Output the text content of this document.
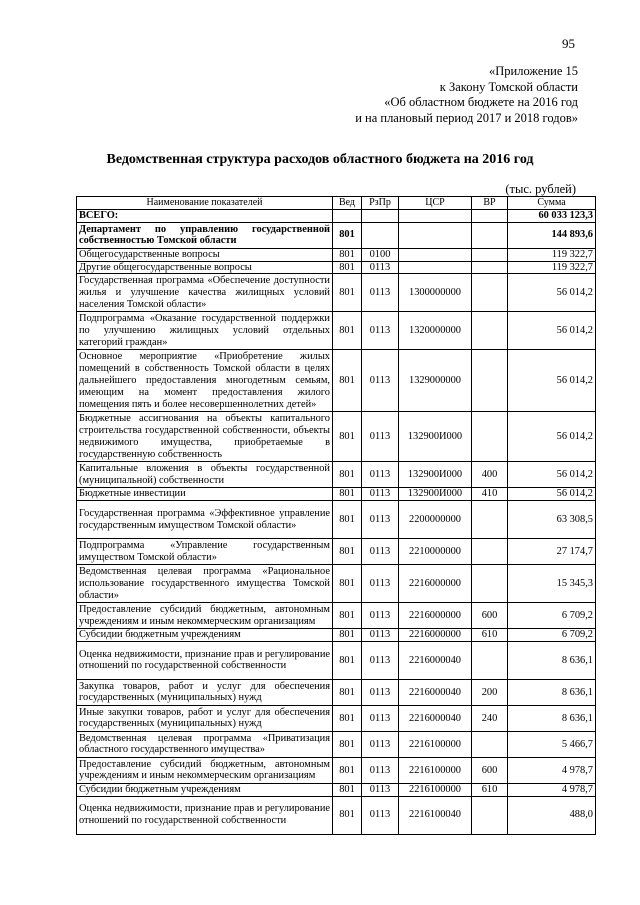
95
«Приложение 15
к Закону Томской области
«Об областном бюджете на 2016 год
и на плановый период 2017 и 2018 годов»
Ведомственная структура расходов областного бюджета на 2016 год
(тыс. рублей)
Наименование показателей	Вед	РзПр	ЦСР	ВР	Сумма
ВСЕГО:					60 033 123,3
Департамент по управлению государственной собственностью Томской области	801				144 893,6
Общегосударственные вопросы	801	0100			119 322,7
Другие общегосударственные вопросы	801	0113			119 322,7
Государственная программа «Обеспечение доступности жилья и улучшение качества жилищных условий населения Томской области»	801	0113	1300000000		56 014,2
Подпрограмма «Оказание государственной поддержки по улучшению жилищных условий отдельных категорий граждан»	801	0113	1320000000		56 014,2
Основное мероприятие «Приобретение жилых помещений в собственность Томской области в целях дальнейшего предоставления многодетным семьям, имеющим на момент предоставления жилого помещения пять и более несовершеннолетних детей»	801	0113	1329000000		56 014,2
Бюджетные ассигнования на объекты капитального строительства государственной собственности, объекты недвижимого имущества, приобретаемые в государственную собственность	801	0113	132900И000		56 014,2
Капитальные вложения в объекты государственной (муниципальной) собственности	801	0113	132900И000	400	56 014,2
Бюджетные инвестиции	801	0113	132900И000	410	56 014,2
Государственная программа «Эффективное управление государственным имуществом Томской области»	801	0113	2200000000		63 308,5
Подпрограмма «Управление государственным имуществом Томской области»	801	0113	2210000000		27 174,7
Ведомственная целевая программа «Рациональное использование государственного имущества Томской области»	801	0113	2216000000		15 345,3
Предоставление субсидий бюджетным, автономным учреждениям и иным некоммерческим организациям	801	0113	2216000000	600	6 709,2
Субсидии бюджетным учреждениям	801	0113	2216000000	610	6 709,2
Оценка недвижимости, признание прав и регулирование отношений по государственной собственности	801	0113	2216000040		8 636,1
Закупка товаров, работ и услуг для обеспечения государственных (муниципальных) нужд	801	0113	2216000040	200	8 636,1
Иные закупки товаров, работ и услуг для обеспечения государственных (муниципальных) нужд	801	0113	2216000040	240	8 636,1
Ведомственная целевая программа «Приватизация областного государственного имущества»	801	0113	2216100000		5 466,7
Предоставление субсидий бюджетным, автономным учреждениям и иным некоммерческим организациям	801	0113	2216100000	600	4 978,7
Субсидии бюджетным учреждениям	801	0113	2216100000	610	4 978,7
Оценка недвижимости, признание прав и регулирование отношений по государственной собственности	801	0113	2216100040		488,0
